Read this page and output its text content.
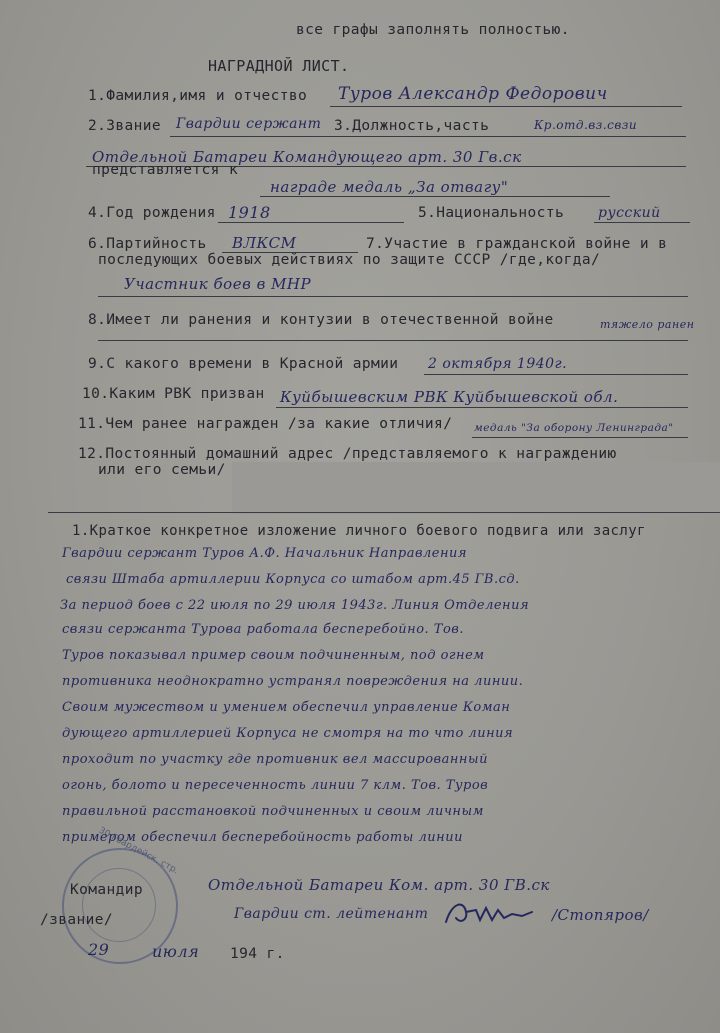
все графы заполнять полностью.
НАГРАДНОЙ ЛИСТ.
1.Фамилия,имя и отчество Туров Александр Федорович
2.Звание Гвардии сержант 3.Должность,часть	Кр.отд.вз.свзи
Отдельной Батареи Командующего арт. 30 Гв.ск
представляется к
награде медаль „За отвагу"
4.Год рождения 1918	5.Национальность русский
6.Партийность ВЛКСМ	7.Участие в гражданской войне и в
последующих боевых действиях по защите СССР /где,когда/
Участник боев в МНР
8.Имеет ли ранения и контузии в отечественной войне	тяжело ранен
9.С какого времени в Красной армии 2 октября 1940г.
10.Каким РВК призван Куйбышевским РВК Куйбышевской обл.
11.Чем ранее награжден /за какие отличия/ медаль "За оборону Ленинграда"
12.Постоянный домашний адрес /представляемого к награждению
или его семьи/
1.Краткое конкретное изложение личного боевого подвига или заслуг
Гвардии сержант Туров А.Ф. Начальник Направления
связи Штаба артиллерии Корпуса со штабом арт.45 ГВ.сд.
За период боев с 22 июля по 29 июля 1943г. Линия Отделения
связи сержанта Турова работала бесперебойно. Тов.
Туров показывал пример своим подчиненным, под огнем
противника неоднократно устранял повреждения на линии.
Своим мужеством и умением обеспечил управление Коман
дующего артиллерией Корпуса не смотря на то что линия
проходит по участку где противник вел массированный
огонь, болото и пересеченность линии 7 клм. Тов. Туров
правильной расстановкой подчиненных и своим личным
примером обеспечил бесперебойность работы линии
30 Гвардейск. стр.
Командир	Отдельной Батареи Ком. арт. 30 ГВ.ск
/звание/	Гвардии ст. лейтенант	/Стопяров/
29	июля 194 г.
